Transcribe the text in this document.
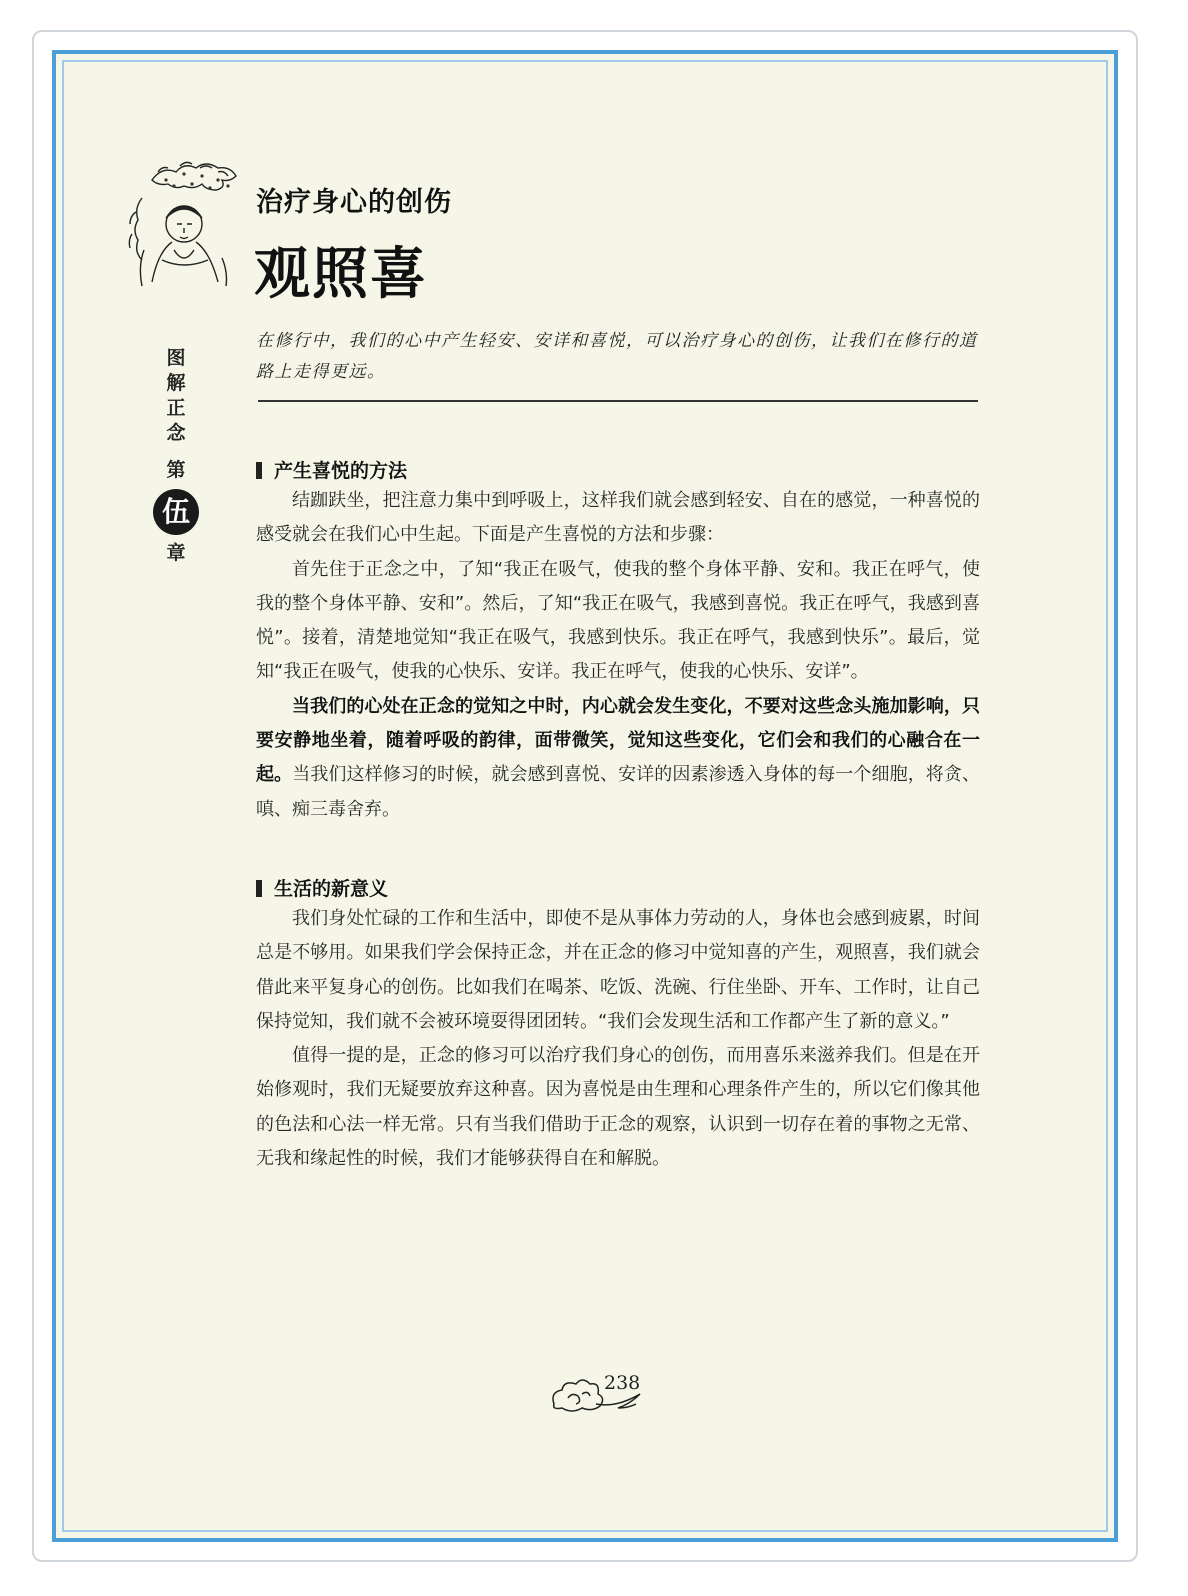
治疗身心的创伤
观照喜
图
解
正
念
第
伍
章
在修行中，我们的心中产生轻安、安详和喜悦，可以治疗身心的创伤，让我们在修行的道路上走得更远。
产生喜悦的方法

结跏趺坐，把注意力集中到呼吸上，这样我们就会感到轻安、自在的感觉，一种喜悦的感受就会在我们心中生起。下面是产生喜悦的方法和步骤：

首先住于正念之中，了知“我正在吸气，使我的整个身体平静、安和。我正在呼气，使我的整个身体平静、安和”。然后，了知“我正在吸气，我感到喜悦。我正在呼气，我感到喜悦”。接着，清楚地觉知“我正在吸气，我感到快乐。我正在呼气，我感到快乐”。最后，觉知“我正在吸气，使我的心快乐、安详。我正在呼气，使我的心快乐、安详”。

当我们的心处在正念的觉知之中时，内心就会发生变化，不要对这些念头施加影响，只要安静地坐着，随着呼吸的韵律，面带微笑，觉知这些变化，它们会和我们的心融合在一起。当我们这样修习的时候，就会感到喜悦、安详的因素渗透入身体的每一个细胞，将贪、嗔、痴三毒舍弃。

生活的新意义

我们身处忙碌的工作和生活中，即使不是从事体力劳动的人，身体也会感到疲累，时间总是不够用。如果我们学会保持正念，并在正念的修习中觉知喜的产生，观照喜，我们就会借此来平复身心的创伤。比如我们在喝茶、吃饭、洗碗、行住坐卧、开车、工作时，让自己保持觉知，我们就不会被环境耍得团团转。“我们会发现生活和工作都产生了新的意义。”

值得一提的是，正念的修习可以治疗我们身心的创伤，而用喜乐来滋养我们。但是在开始修观时，我们无疑要放弃这种喜。因为喜悦是由生理和心理条件产生的，所以它们像其他的色法和心法一样无常。只有当我们借助于正念的观察，认识到一切存在着的事物之无常、无我和缘起性的时候，我们才能够获得自在和解脱。

238
